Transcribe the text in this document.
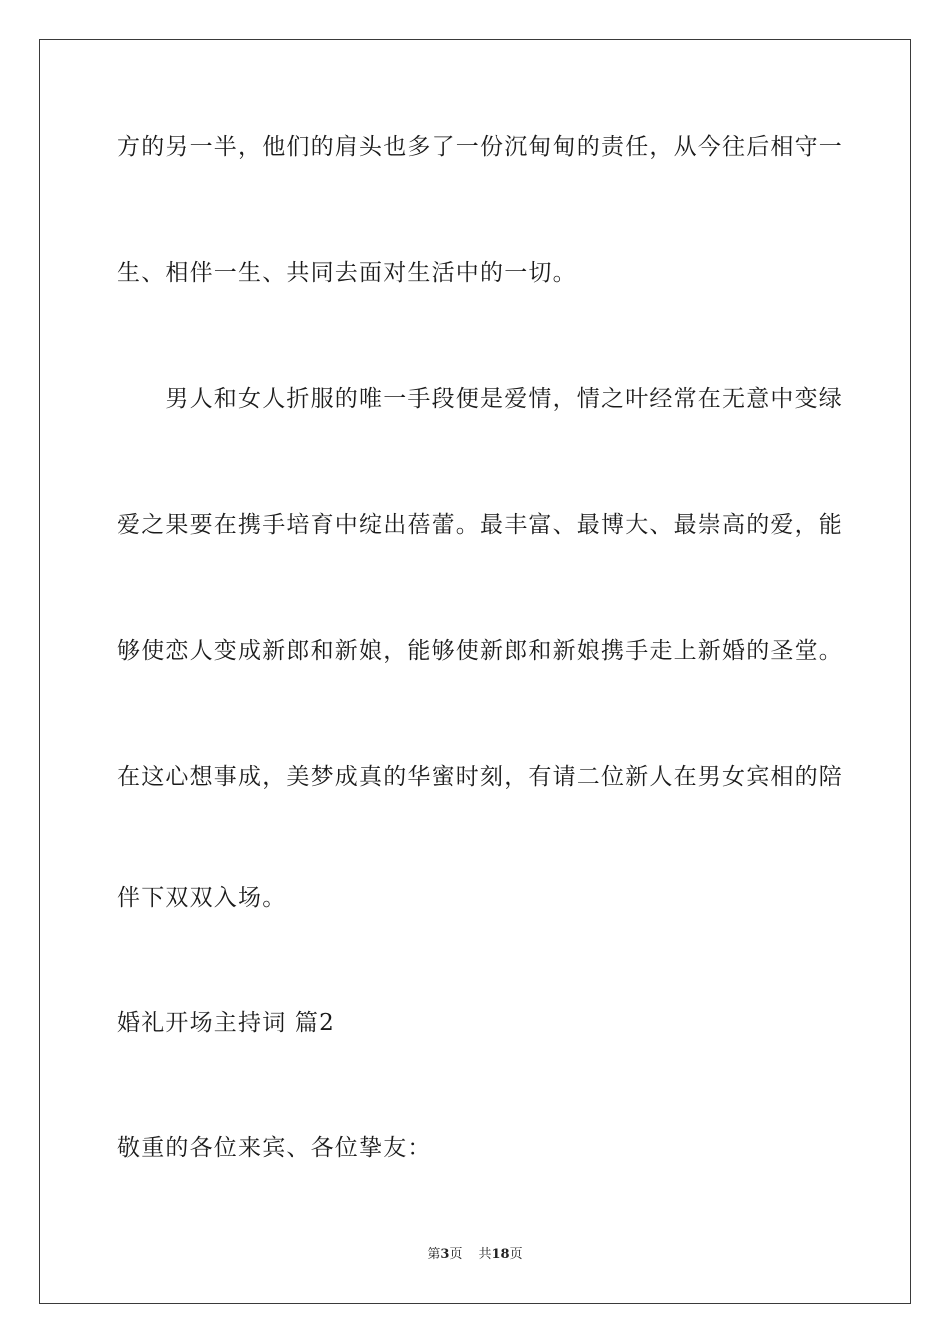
方的另一半，他们的肩头也多了一份沉甸甸的责任，从今往后相守一
生、相伴一生、共同去面对生活中的一切。
　　男人和女人折服的唯一手段便是爱情，情之叶经常在无意中变绿
爱之果要在携手培育中绽出蓓蕾。最丰富、最博大、最崇高的爱，能
够使恋人变成新郎和新娘，能够使新郎和新娘携手走上新婚的圣堂。
在这心想事成，美梦成真的华蜜时刻，有请二位新人在男女宾相的陪
伴下双双入场。
婚礼开场主持词 篇2
敬重的各位来宾、各位挚友：
第3页 共18页
